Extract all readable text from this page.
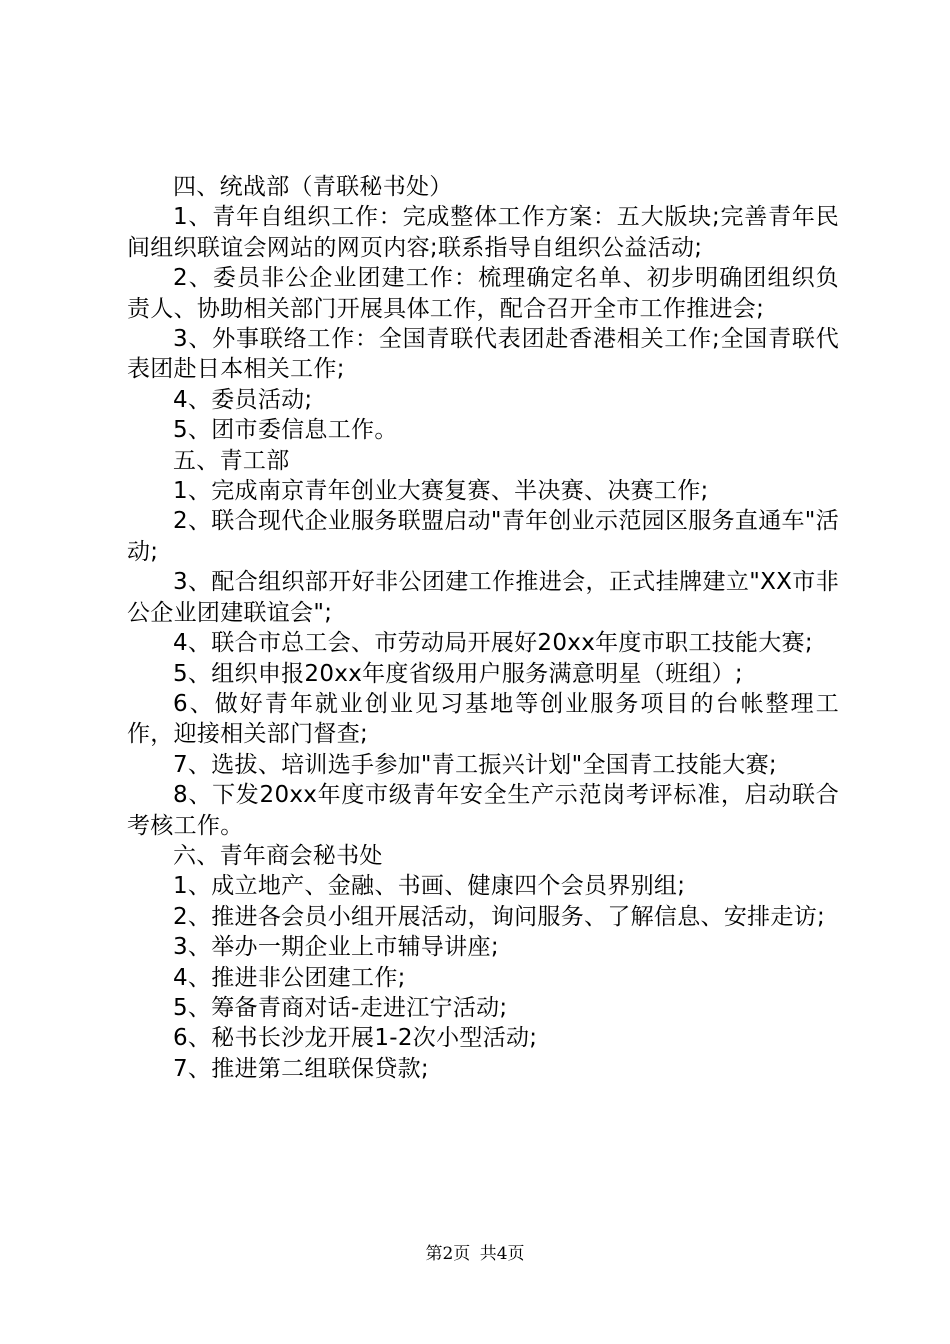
四、统战部（青联秘书处）

1、青年自组织工作：完成整体工作方案：五大版块;完善青年民间组织联谊会网站的网页内容;联系指导自组织公益活动;

2、委员非公企业团建工作：梳理确定名单、初步明确团组织负责人、协助相关部门开展具体工作，配合召开全市工作推进会;

3、外事联络工作：全国青联代表团赴香港相关工作;全国青联代表团赴日本相关工作;

4、委员活动;

5、团市委信息工作。

五、青工部

1、完成南京青年创业大赛复赛、半决赛、决赛工作;

2、联合现代企业服务联盟启动"青年创业示范园区服务直通车"活动;

3、配合组织部开好非公团建工作推进会，正式挂牌建立"XX市非公企业团建联谊会";

4、联合市总工会、市劳动局开展好20xx年度市职工技能大赛;

5、组织申报20xx年度省级用户服务满意明星（班组）;

6、做好青年就业创业见习基地等创业服务项目的台帐整理工作，迎接相关部门督查;

7、选拔、培训选手参加"青工振兴计划"全国青工技能大赛;

8、下发20xx年度市级青年安全生产示范岗考评标准，启动联合考核工作。

六、青年商会秘书处

1、成立地产、金融、书画、健康四个会员界别组;

2、推进各会员小组开展活动，询问服务、了解信息、安排走访;

3、举办一期企业上市辅导讲座;

4、推进非公团建工作;

5、筹备青商对话-走进江宁活动;

6、秘书长沙龙开展1-2次小型活动;

7、推进第二组联保贷款;

第2页 共4页
